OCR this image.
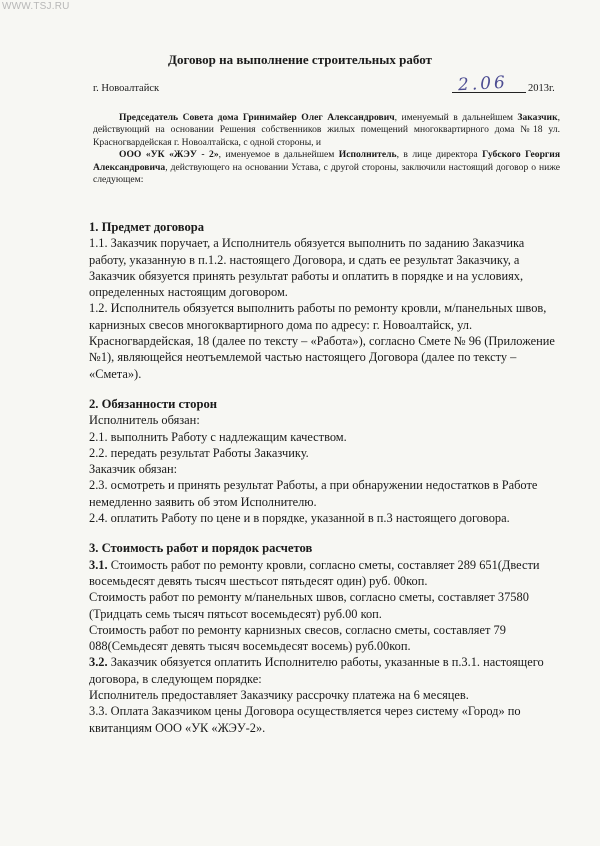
WWW.TSJ.RU
Договор на выполнение строительных работ
г. Новоалтайск	2.06 2013г.

Председатель Совета дома Гринимайер Олег Александрович, именуемый в дальнейшем Заказчик, действующий на основании Решения собственников жилых помещений многоквартирного дома №18 ул. Красногвардейская г. Новоалтайска, с одной стороны, и

ООО «УК «ЖЭУ - 2», именуемое в дальнейшем Исполнитель, в лице директора Губского Георгия Александровича, действующего на основании Устава, с другой стороны, заключили настоящий договор о ниже следующем:

1. Предмет договора

1.1. Заказчик поручает, а Исполнитель обязуется выполнить по заданию Заказчика работу, указанную в п.1.2. настоящего Договора, и сдать ее результат Заказчику, а Заказчик обязуется принять результат работы и оплатить в порядке и на условиях, определенных настоящим договором.

1.2. Исполнитель обязуется выполнить работы по ремонту кровли, м/панельных швов, карнизных свесов многоквартирного дома по адресу: г. Новоалтайск, ул. Красногвардейская, 18 (далее по тексту – «Работа»), согласно Смете № 96 (Приложение №1), являющейся неотъемлемой частью настоящего Договора (далее по тексту – «Смета»).

2. Обязанности сторон

Исполнитель обязан:

2.1. выполнить Работу с надлежащим качеством.

2.2. передать результат Работы Заказчику.

Заказчик обязан:

2.3. осмотреть и принять результат Работы, а при обнаружении недостатков в Работе немедленно заявить об этом Исполнителю.

2.4. оплатить Работу по цене и в порядке, указанной в п.3 настоящего договора.

3. Стоимость работ и порядок расчетов

3.1. Стоимость работ по ремонту кровли, согласно сметы, составляет 289 651(Двести восемьдесят девять тысяч шестьсот пятьдесят один) руб. 00коп.

Стоимость работ по ремонту м/панельных швов, согласно сметы, составляет 37580 (Тридцать семь тысяч пятьсот восемьдесят) руб.00 коп.

Стоимость работ по ремонту карнизных свесов, согласно сметы, составляет 79 088(Семьдесят девять тысяч восемьдесят восемь) руб.00коп.

3.2. Заказчик обязуется оплатить Исполнителю работы, указанные в п.3.1. настоящего договора, в следующем порядке:

Исполнитель предоставляет Заказчику рассрочку платежа на 6 месяцев.

3.3. Оплата Заказчиком цены Договора осуществляется через систему «Город» по квитанциям ООО «УК «ЖЭУ-2».
